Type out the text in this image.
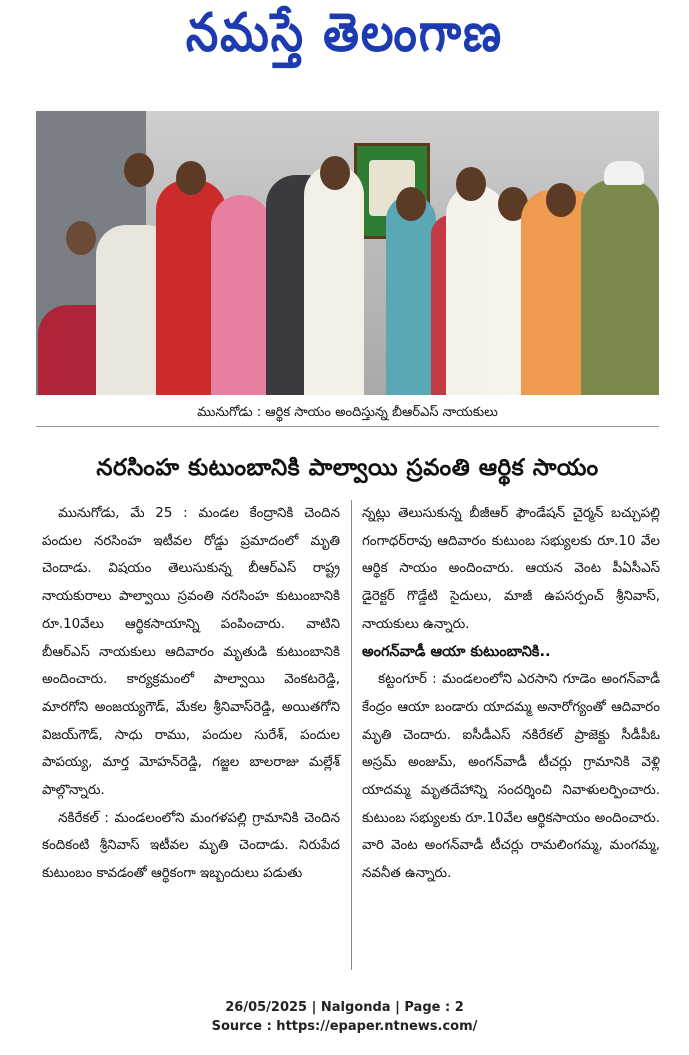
నమస్తే తెలంగాణ
మునుగోడు : ఆర్థిక సాయం అందిస్తున్న బీఆర్ఎస్ నాయకులు
నరసింహ కుటుంబానికి పాల్వాయి స్రవంతి ఆర్థిక సాయం

మునుగోడు, మే 25 : మండల కేంద్రానికి చెందిన పందుల నరసింహ ఇటీవల రోడ్డు ప్రమాదంలో మృతి చెందాడు. విషయం తెలుసుకున్న బీఆర్ఎస్ రాష్ట్ర నాయకురాలు పాల్వాయి స్రవంతి నరసింహ కుటుంబానికి రూ.10వేలు ఆర్థికసాయాన్ని పంపించారు. వాటిని బీఆర్ఎస్ నాయకులు ఆదివారం మృతుడి కుటుంబానికి అందించారు. కార్యక్రమంలో పాల్వాయి వెంకటరెడ్డి, మారగోని అంజయ్యగౌడ్, మేకల శ్రీనివాస్‌రెడ్డి, అయితగోని విజయ్‌గౌడ్, సాధు రాము, పందుల సురేశ్, పందుల పాపయ్య, మార్త మోహన్‌రెడ్డి, గజ్జల బాలరాజు మల్లేశ్ పాల్గొన్నారు.

నకిరేకల్ : మండలంలోని మంగళపల్లి గ్రామానికి చెందిన కందికంటి శ్రీనివాస్ ఇటీవల మృతి చెందాడు. నిరుపేద కుటుంబం కావడంతో ఆర్థికంగా ఇబ్బందులు పడుతు

న్నట్లు తెలుసుకున్న బీజీఆర్ ఫౌండేషన్ చైర్మన్ బచ్చుపల్లి గంగాధర్‌రావు ఆదివారం కుటుంబ సభ్యులకు రూ.10 వేల ఆర్థిక సాయం అందించారు. ఆయన వెంట పీఏసీఎస్ డైరెక్టర్ గొడ్డేటి సైదులు, మాజీ ఉపసర్పంచ్ శ్రీనివాస్, నాయకులు ఉన్నారు.

అంగన్‌వాడీ ఆయా కుటుంబానికి..

కట్టంగూర్ : మండలంలోని ఎరసాని గూడెం అంగన్‌వాడీ కేంద్రం ఆయా బండారు యాదమ్మ అనారోగ్యంతో ఆదివారం మృతి చెందారు. ఐసీడీఎస్ నకిరేకల్ ప్రాజెక్టు సీడీపీఓ అస్రమ్ అంజుమ్, అంగన్‌వాడీ టీచర్లు గ్రామానికి వెళ్లి యాదమ్మ మృతదేహాన్ని సందర్శించి నివాళులర్పించారు. కుటుంబ సభ్యులకు రూ.10వేల ఆర్థికసాయం అందించారు. వారి వెంట అంగన్‌వాడీ టీచర్లు రామలింగమ్మ, మంగమ్మ, నవనీత ఉన్నారు.

26/05/2025 | Nalgonda | Page : 2
Source : https://epaper.ntnews.com/
